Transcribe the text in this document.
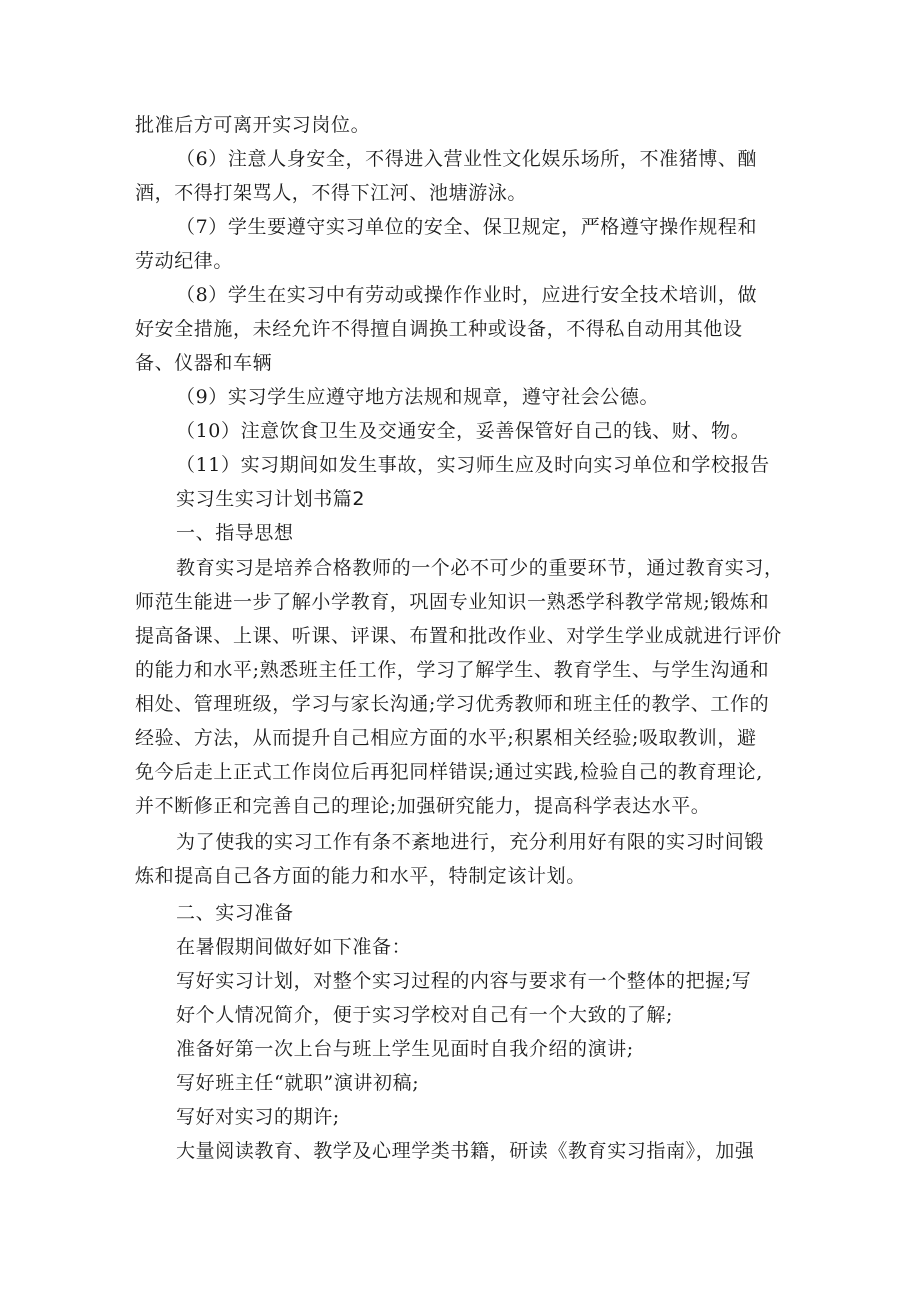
批准后方可离开实习岗位。

（6）注意人身安全，不得进入营业性文化娱乐场所，不准猪博、酗

酒，不得打架骂人，不得下江河、池塘游泳。

（7）学生要遵守实习单位的安全、保卫规定，严格遵守操作规程和

劳动纪律。

（8）学生在实习中有劳动或操作作业时，应进行安全技术培训，做

好安全措施，未经允许不得擅自调换工种或设备，不得私自动用其他设

备、仪器和车辆

（9）实习学生应遵守地方法规和规章，遵守社会公德。

（10）注意饮食卫生及交通安全，妥善保管好自己的钱、财、物。

（11）实习期间如发生事故，实习师生应及时向实习单位和学校报告

实习生实习计划书篇2

一、指导思想

教育实习是培养合格教师的一个必不可少的重要环节，通过教育实习，

师范生能进一步了解小学教育，巩固专业知识一熟悉学科教学常规;锻炼和

提高备课、上课、听课、评课、布置和批改作业、对学生学业成就进行评价

的能力和水平;熟悉班主任工作，学习了解学生、教育学生、与学生沟通和

相处、管理班级，学习与家长沟通;学习优秀教师和班主任的教学、工作的

经验、方法，从而提升自己相应方面的水平;积累相关经验;吸取教训，避

免今后走上正式工作岗位后再犯同样错误;通过实践,检验自己的教育理论,

并不断修正和完善自己的理论;加强研究能力，提高科学表达水平。

为了使我的实习工作有条不紊地进行，充分利用好有限的实习时间锻

炼和提高自己各方面的能力和水平，特制定该计划。

二、实习准备

在暑假期间做好如下准备：

写好实习计划，对整个实习过程的内容与要求有一个整体的把握;写

好个人情况简介，便于实习学校对自己有一个大致的了解;

准备好第一次上台与班上学生见面时自我介绍的演讲;

写好班主任“就职”演讲初稿;

写好对实习的期许;

大量阅读教育、教学及心理学类书籍，研读《教育实习指南》，加强
